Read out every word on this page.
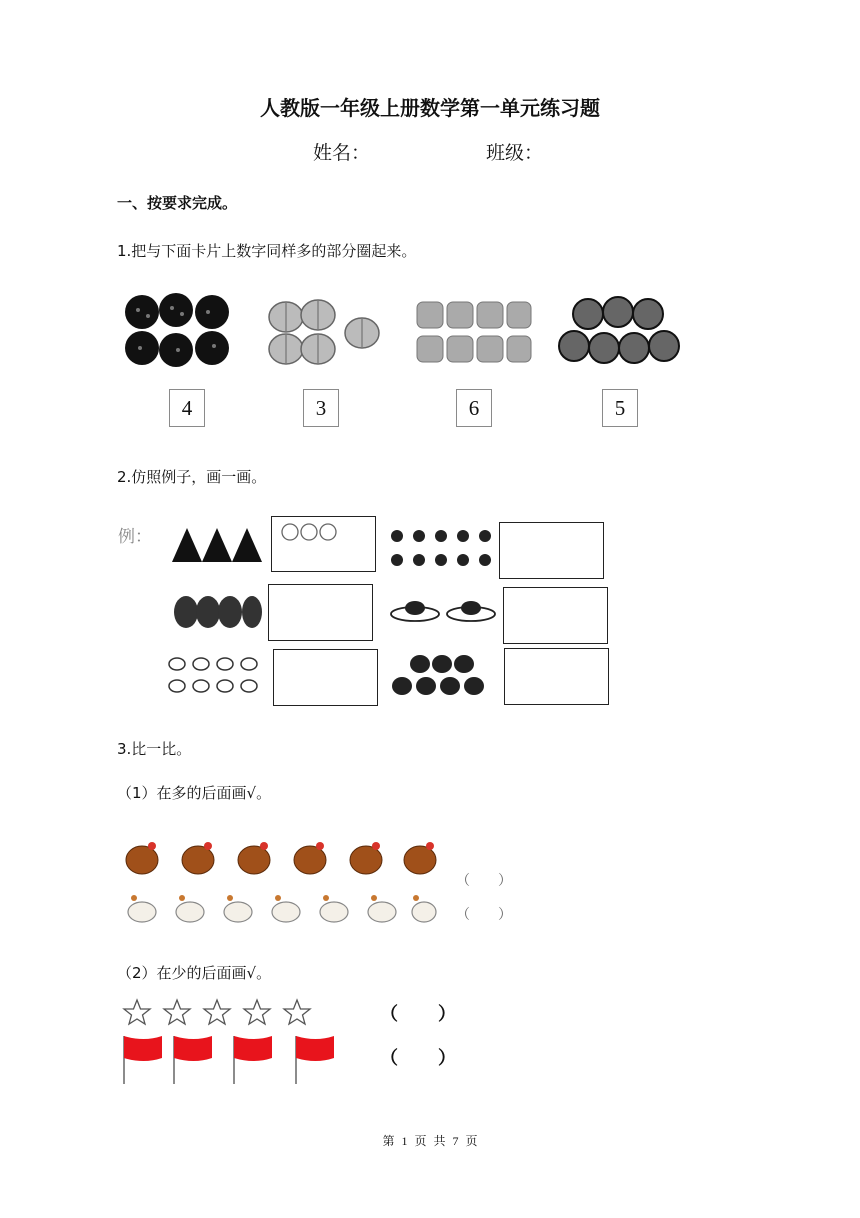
人教版一年级上册数学第一单元练习题
姓名：	班级：
一、按要求完成。
1.把与下面卡片上数字同样多的部分圈起来。
4	3	6	5
2.仿照例子，画一画。
例：
3.比一比。
（1）在多的后面画√。
（ ）
（ ）
（2）在少的后面画√。
（ ）
（ ）
第 1 页 共 7 页
